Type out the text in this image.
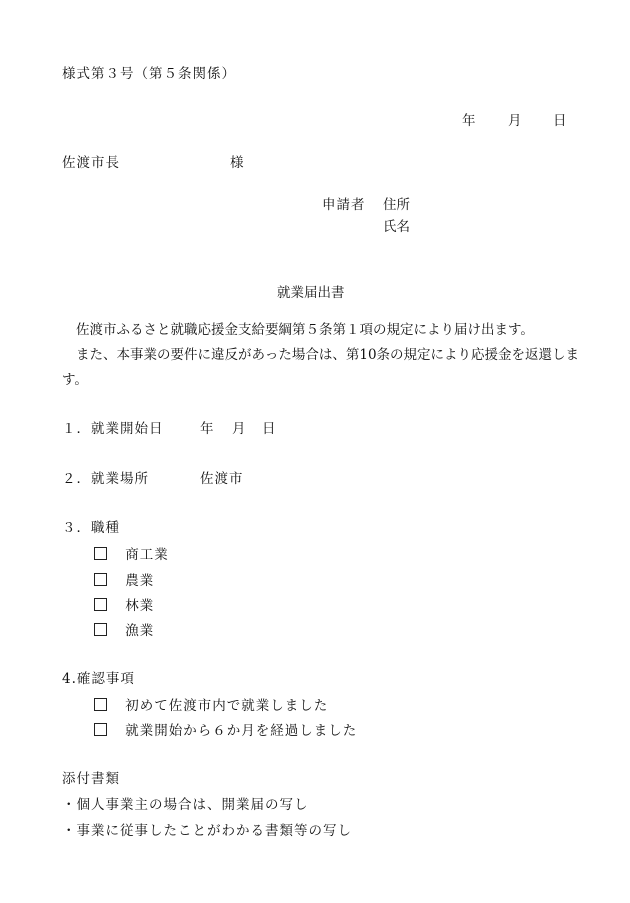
様式第３号（第５条関係）
年 月 日
佐渡市長	様
申請者 住所
氏名
就業届出書
佐渡市ふるさと就職応援金支給要綱第５条第１項の規定により届け出ます。
また、本事業の要件に違反があった場合は、第10条の規定により応援金を返還します。
１．就業開始日	年 月 日
２．就業場所	佐渡市
３．職種
商工業
農業
林業
漁業
4.確認事項
初めて佐渡市内で就業しました
就業開始から６か月を経過しました
添付書類
・個人事業主の場合は、開業届の写し
・事業に従事したことがわかる書類等の写し
